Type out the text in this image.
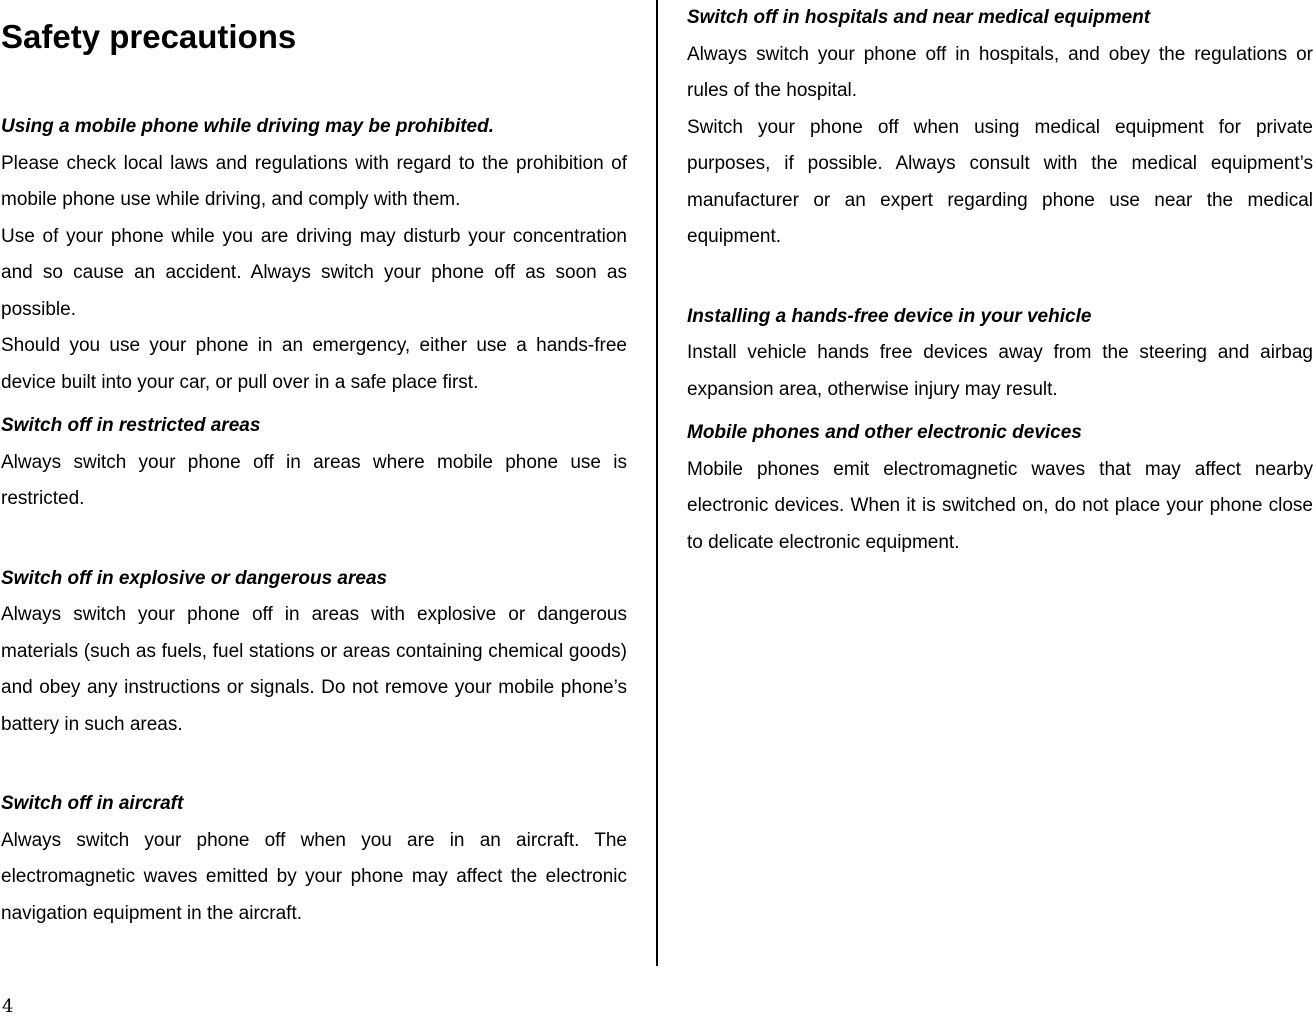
Safety precautions

Using a mobile phone while driving may be prohibited.

Please check local laws and regulations with regard to the prohibition of mobile phone use while driving, and comply with them.

Use of your phone while you are driving may disturb your concentration and so cause an accident. Always switch your phone off as soon as possible.

Should you use your phone in an emergency, either use a hands-free device built into your car, or pull over in a safe place first.

Switch off in restricted areas

Always switch your phone off in areas where mobile phone use is restricted.

Switch off in explosive or dangerous areas

Always switch your phone off in areas with explosive or dangerous materials (such as fuels, fuel stations or areas containing chemical goods) and obey any instructions or signals. Do not remove your mobile phone’s battery in such areas.

Switch off in aircraft

Always switch your phone off when you are in an aircraft. The electromagnetic waves emitted by your phone may affect the electronic navigation equipment in the aircraft.

Switch off in hospitals and near medical equipment

Always switch your phone off in hospitals, and obey the regulations or rules of the hospital.

Switch your phone off when using medical equipment for private purposes, if possible. Always consult with the medical equipment’s manufacturer or an expert regarding phone use near the medical equipment.

Installing a hands-free device in your vehicle

Install vehicle hands free devices away from the steering and airbag expansion area, otherwise injury may result.

Mobile phones and other electronic devices

Mobile phones emit electromagnetic waves that may affect nearby electronic devices. When it is switched on, do not place your phone close to delicate electronic equipment.

4
